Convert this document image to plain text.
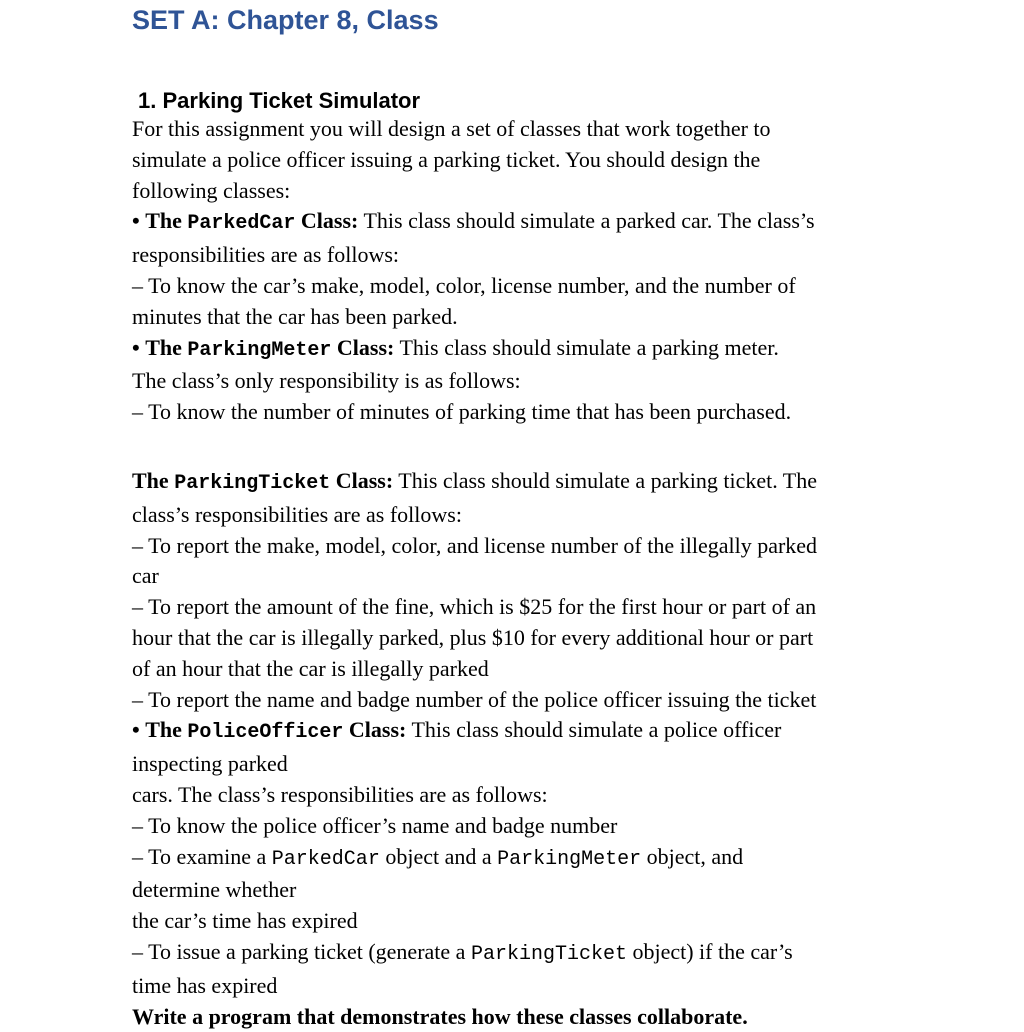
SET A: Chapter 8, Class
1. Parking Ticket Simulator
For this assignment you will design a set of classes that work together to
simulate a police officer issuing a parking ticket. You should design the
following classes:
• The ParkedCar Class: This class should simulate a parked car. The class’s
responsibilities are as follows:
– To know the car’s make, model, color, license number, and the number of
minutes that the car has been parked.
• The ParkingMeter Class: This class should simulate a parking meter.
The class’s only responsibility is as follows:
– To know the number of minutes of parking time that has been purchased.
The ParkingTicket Class: This class should simulate a parking ticket. The
class’s responsibilities are as follows:
– To report the make, model, color, and license number of the illegally parked
car
– To report the amount of the fine, which is $25 for the first hour or part of an
hour that the car is illegally parked, plus $10 for every additional hour or part
of an hour that the car is illegally parked
– To report the name and badge number of the police officer issuing the ticket
• The PoliceOfficer Class: This class should simulate a police officer
inspecting parked
cars. The class’s responsibilities are as follows:
– To know the police officer’s name and badge number
– To examine a ParkedCar object and a ParkingMeter object, and
determine whether
the car’s time has expired
– To issue a parking ticket (generate a ParkingTicket object) if the car’s
time has expired
Write a program that demonstrates how these classes collaborate.
